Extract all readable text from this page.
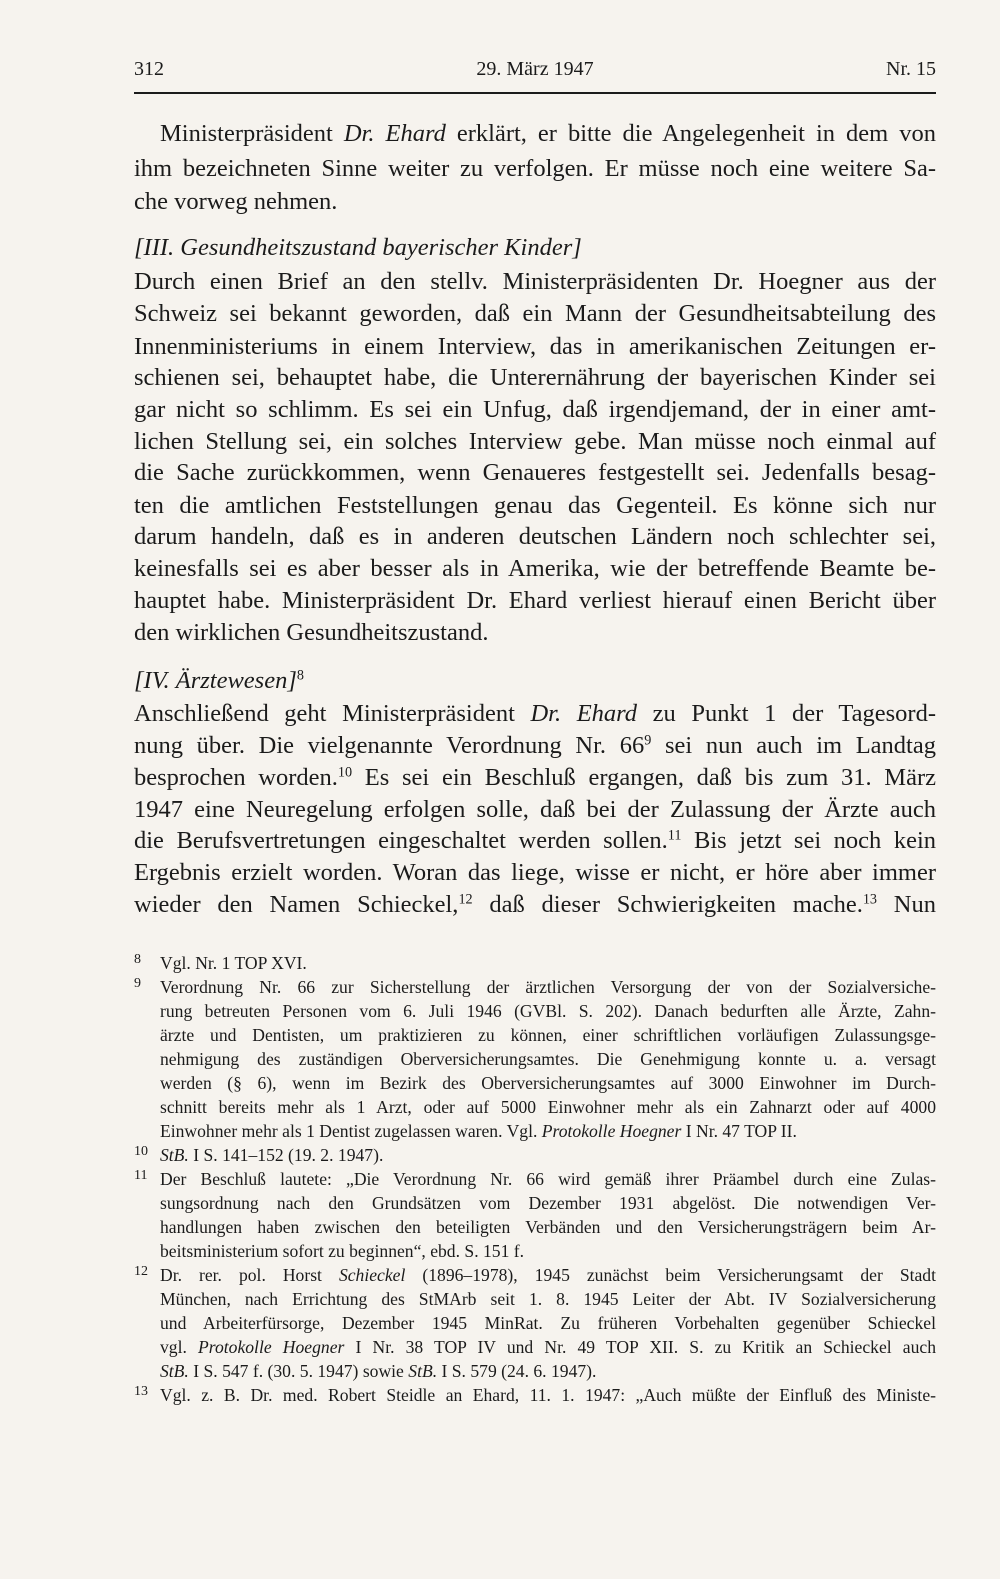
312	29. März 1947	Nr. 15
Ministerpräsident Dr. Ehard erklärt, er bitte die Angelegenheit in dem von
ihm bezeichneten Sinne weiter zu verfolgen. Er müsse noch eine weitere Sa-
che vorweg nehmen.
[III. Gesundheitszustand bayerischer Kinder]
Durch einen Brief an den stellv. Ministerpräsidenten Dr. Hoegner aus der
Schweiz sei bekannt geworden, daß ein Mann der Gesundheitsabteilung des
Innenministeriums in einem Interview, das in amerikanischen Zeitungen er-
schienen sei, behauptet habe, die Unterernährung der bayerischen Kinder sei
gar nicht so schlimm. Es sei ein Unfug, daß irgendjemand, der in einer amt-
lichen Stellung sei, ein solches Interview gebe. Man müsse noch einmal auf
die Sache zurückkommen, wenn Genaueres festgestellt sei. Jedenfalls besag-
ten die amtlichen Feststellungen genau das Gegenteil. Es könne sich nur
darum handeln, daß es in anderen deutschen Ländern noch schlechter sei,
keinesfalls sei es aber besser als in Amerika, wie der betreffende Beamte be-
hauptet habe. Ministerpräsident Dr. Ehard verliest hierauf einen Bericht über
den wirklichen Gesundheitszustand.
[IV. Ärztewesen]$^8$
Anschließend geht Ministerpräsident Dr. Ehard zu Punkt 1 der Tagesord-
nung über. Die vielgenannte Verordnung Nr. $66^9$ sei nun auch im Landtag
besprochen worden.$^{10}$ Es sei ein Beschluß ergangen, daß bis zum 31. März
1947 eine Neuregelung erfolgen solle, daß bei der Zulassung der Ärzte auch
die Berufsvertretungen eingeschaltet werden sollen.$^{11}$ Bis jetzt sei noch kein
Ergebnis erzielt worden. Woran das liege, wisse er nicht, er höre aber immer
wieder den Namen Schieckel,$^{12}$ daß dieser Schwierigkeiten mache.$^{13}$ Nun
8 Vgl. Nr. 1 TOP XVI.
9 Verordnung Nr. 66 zur Sicherstellung der ärztlichen Versorgung der von der Sozialversiche-
rung betreuten Personen vom 6. Juli 1946 (GVBl. S. 202). Danach bedurften alle Ärzte, Zahn-
ärzte und Dentisten, um praktizieren zu können, einer schriftlichen vorläufigen Zulassungsge-
nehmigung des zuständigen Oberversicherungsamtes. Die Genehmigung konnte u. a. versagt
werden (§ 6), wenn im Bezirk des Oberversicherungsamtes auf 3000 Einwohner im Durch-
schnitt bereits mehr als 1 Arzt, oder auf 5000 Einwohner mehr als ein Zahnarzt oder auf 4000
Einwohner mehr als 1 Dentist zugelassen waren. Vgl. Protokolle Hoegner I Nr. 47 TOP II.
10 StB. I S. 141–152 (19. 2. 1947).
11 Der Beschluß lautete: „Die Verordnung Nr. 66 wird gemäß ihrer Präambel durch eine Zulas-
sungsordnung nach den Grundsätzen vom Dezember 1931 abgelöst. Die notwendigen Ver-
handlungen haben zwischen den beteiligten Verbänden und den Versicherungsträgern beim Ar-
beitsministerium sofort zu beginnen“, ebd. S. 151 f.
12 Dr. rer. pol. Horst Schieckel (1896–1978), 1945 zunächst beim Versicherungsamt der Stadt
München, nach Errichtung des StMArb seit 1. 8. 1945 Leiter der Abt. IV Sozialversicherung
und Arbeiterfürsorge, Dezember 1945 MinRat. Zu früheren Vorbehalten gegenüber Schieckel
vgl. Protokolle Hoegner I Nr. 38 TOP IV und Nr. 49 TOP XII. S. zu Kritik an Schieckel auch
StB. I S. 547 f. (30. 5. 1947) sowie StB. I S. 579 (24. 6. 1947).
13 Vgl. z. B. Dr. med. Robert Steidle an Ehard, 11. 1. 1947: „Auch müßte der Einfluß des Ministe-
